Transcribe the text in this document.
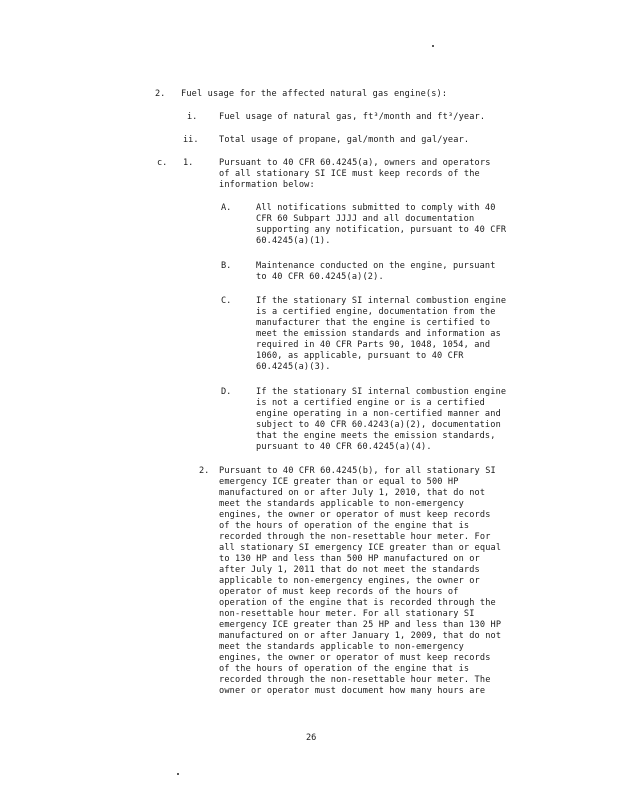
2. Fuel usage for the affected natural gas engine(s):
i.	Fuel usage of natural gas, ft³/month and ft³/year.
ii. Total usage of propane, gal/month and gal/year.
c. 1.	Pursuant to 40 CFR 60.4245(a), owners and operators
of all stationary SI ICE must keep records of the
information below:
A.	All notifications submitted to comply with 40
CFR 60 Subpart JJJJ and all documentation
supporting any notification, pursuant to 40 CFR
60.4245(a)(1).
B.	Maintenance conducted on the engine, pursuant
to 40 CFR 60.4245(a)(2).
C.	If the stationary SI internal combustion engine
is a certified engine, documentation from the
manufacturer that the engine is certified to
meet the emission standards and information as
required in 40 CFR Parts 90, 1048, 1054, and
1060, as applicable, pursuant to 40 CFR
60.4245(a)(3).
D.	If the stationary SI internal combustion engine
is not a certified engine or is a certified
engine operating in a non-certified manner and
subject to 40 CFR 60.4243(a)(2), documentation
that the engine meets the emission standards,
pursuant to 40 CFR 60.4245(a)(4).
2. Pursuant to 40 CFR 60.4245(b), for all stationary SI
emergency ICE greater than or equal to 500 HP
manufactured on or after July 1, 2010, that do not
meet the standards applicable to non-emergency
engines, the owner or operator of must keep records
of the hours of operation of the engine that is
recorded through the non-resettable hour meter. For
all stationary SI emergency ICE greater than or equal
to 130 HP and less than 500 HP manufactured on or
after July 1, 2011 that do not meet the standards
applicable to non-emergency engines, the owner or
operator of must keep records of the hours of
operation of the engine that is recorded through the
non-resettable hour meter. For all stationary SI
emergency ICE greater than 25 HP and less than 130 HP
manufactured on or after January 1, 2009, that do not
meet the standards applicable to non-emergency
engines, the owner or operator of must keep records
of the hours of operation of the engine that is
recorded through the non-resettable hour meter. The
owner or operator must document how many hours are
26
